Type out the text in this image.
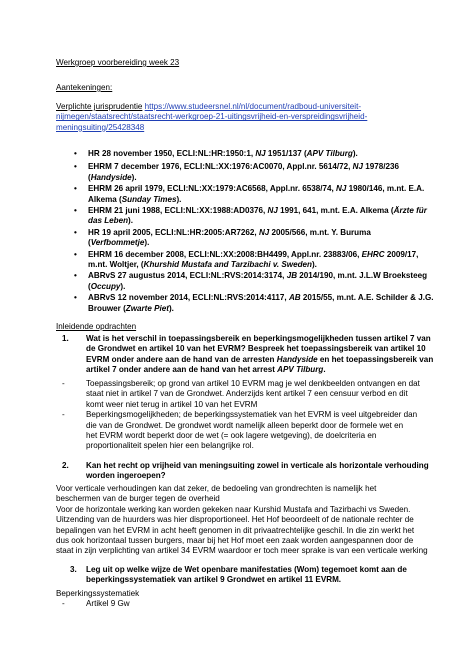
Werkgroep voorbereiding week 23
Aantekeningen:

Verplichte jurisprudentie https://www.studeersnel.nl/nl/document/radboud-universiteit-

nijmegen/staatsrecht/staatsrecht-werkgroep-21-uitingsvrijheid-en-verspreidingsvrijheid-

meningsuiting/25428348

• HR 28 november 1950, ECLI:NL:HR:1950:1, NJ 1951/137 (APV Tilburg).

• EHRM 7 december 1976, ECLI:NL:XX:1976:AC0070, Appl.nr. 5614/72, NJ 1978/236

(Handyside).

• EHRM 26 april 1979, ECLI:NL:XX:1979:AC6568, Appl.nr. 6538/74, NJ 1980/146, m.nt. E.A.

Alkema (Sunday Times).

• EHRM 21 juni 1988, ECLI:NL:XX:1988:AD0376, NJ 1991, 641, m.nt. E.A. Alkema (Ärzte für

das Leben).

• HR 19 april 2005, ECLI:NL:HR:2005:AR7262, NJ 2005/566, m.nt. Y. Buruma (Verfbommetje).

• EHRM 16 december 2008, ECLI:NL:XX:2008:BH4499, Appl.nr. 23883/06, EHRC 2009/17,

m.nt. Woltjer, (Khurshid Mustafa and Tarzibachi v. Sweden).

• ABRvS 27 augustus 2014, ECLI:NL:RVS:2014:3174, JB 2014/190, m.nt. J.L.W Broeksteeg

(Occupy).

• ABRvS 12 november 2014, ECLI:NL:RVS:2014:4117, AB 2015/55, m.nt. A.E. Schilder & J.G.

Brouwer (Zwarte Piet).

Inleidende opdrachten
1. Wat is het verschil in toepassingsbereik en beperkingsmogelijkheden tussen artikel 7 van

de Grondwet en artikel 10 van het EVRM? Bespreek het toepassingsbereik van artikel 10

EVRM onder andere aan de hand van de arresten Handyside en het toepassingsbereik van

artikel 7 onder andere aan de hand van het arrest APV Tilburg.

-	Toepassingsbereik; op grond van artikel 10 EVRM mag je wel denkbeelden ontvangen en dat

staat niet in artikel 7 van de Grondwet. Anderzijds kent artikel 7 een censuur verbod en dit

komt weer niet terug in artikel 10 van het EVRM

-	Beperkingsmogelijkheden; de beperkingssystematiek van het EVRM is veel uitgebreider dan

die van de Grondwet. De grondwet wordt namelijk alleen beperkt door de formele wet en

het EVRM wordt beperkt door de wet (= ook lagere wetgeving), de doelcriteria en

proportionaliteit spelen hier een belangrijke rol.

2. Kan het recht op vrijheid van meningsuiting zowel in verticale als horizontale verhouding

worden ingeroepen?

Voor verticale verhoudingen kan dat zeker, de bedoeling van grondrechten is namelijk het

beschermen van de burger tegen de overheid

Voor de horizontale werking kan worden gekeken naar Kurshid Mustafa and Tazirbachi vs Sweden.

Uitzending van de huurders was hier disproportioneel. Het Hof beoordeelt of de nationale rechter de

bepalingen van het EVRM in acht heeft genomen in dit privaatrechtelijke geschil. In die zin werkt het

dus ook horizontaal tussen burgers, maar bij het Hof moet een zaak worden aangespannen door de

staat in zijn verplichting van artikel 34 EVRM waardoor er toch meer sprake is van een verticale werking

3. Leg uit op welke wijze de Wet openbare manifestaties (Wom) tegemoet komt aan de

beperkingssystematiek van artikel 9 Grondwet en artikel 11 EVRM.

Beperkingssystematiek

-	Artikel 9 Gw
